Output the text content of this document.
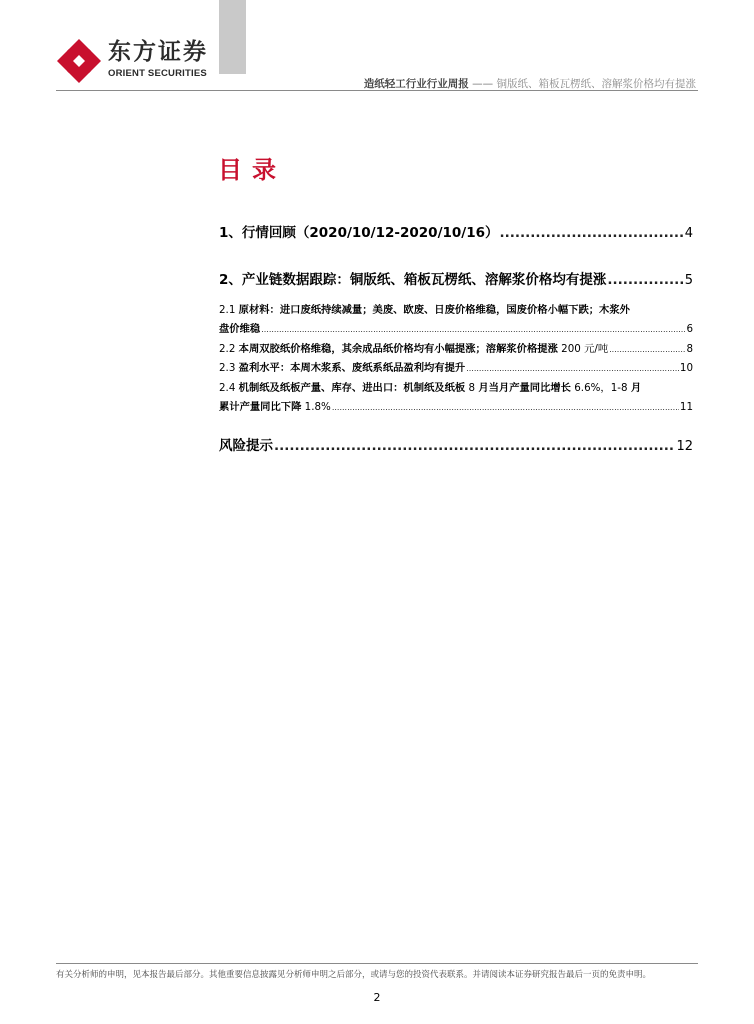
东方证券
ORIENT SECURITIES
造纸轻工行业行业周报 —— 铜版纸、箱板瓦楞纸、溶解浆价格均有提涨
目录
1、行情回顾（2020/10/12-2020/10/16） .....	4
2、产业链数据跟踪：铜版纸、箱板瓦楞纸、溶解浆价格均有提涨 .....	5
2.1 原材料：进口废纸持续减量；美废、欧废、日废价格维稳，国废价格小幅下跌；木浆外
盘价维稳 .....	6
2.2 本周双胶纸价格维稳，其余成品纸价格均有小幅提涨；溶解浆价格提涨 200 元/吨 .....	8
2.3 盈利水平：本周木浆系、废纸系纸品盈利均有提升 .....	10
2.4 机制纸及纸板产量、库存、进出口：机制纸及纸板 8 月当月产量同比增长 6.6%，1-8 月
累计产量同比下降 1.8% .....	11
风险提示 .....	12
有关分析师的申明，见本报告最后部分。其他重要信息披露见分析师申明之后部分，或请与您的投资代表联系。并请阅读本证券研究报告最后一页的免责申明。
2
